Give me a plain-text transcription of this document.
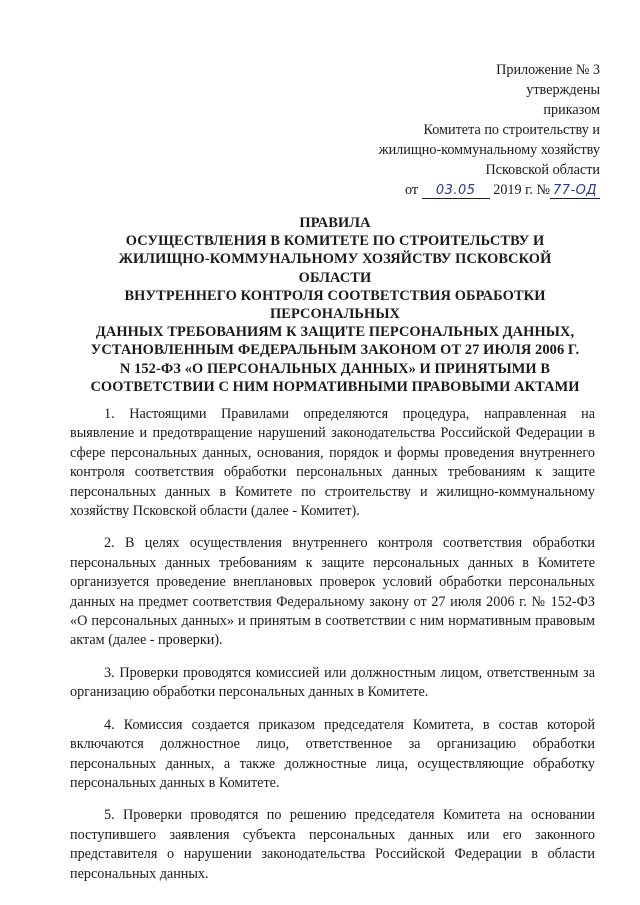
Приложение № 3
утверждены
приказом
Комитета по строительству и
жилищно-коммунальному хозяйству
Псковской области
от 03.05 2019 г. № 77-ОД
ПРАВИЛА
ОСУЩЕСТВЛЕНИЯ В КОМИТЕТЕ ПО СТРОИТЕЛЬСТВУ И
ЖИЛИЩНО-КОММУНАЛЬНОМУ ХОЗЯЙСТВУ ПСКОВСКОЙ
ОБЛАСТИ
ВНУТРЕННЕГО КОНТРОЛЯ СООТВЕТСТВИЯ ОБРАБОТКИ
ПЕРСОНАЛЬНЫХ
ДАННЫХ ТРЕБОВАНИЯМ К ЗАЩИТЕ ПЕРСОНАЛЬНЫХ ДАННЫХ,
УСТАНОВЛЕННЫМ ФЕДЕРАЛЬНЫМ ЗАКОНОМ ОТ 27 ИЮЛЯ 2006 Г.
N 152-ФЗ «О ПЕРСОНАЛЬНЫХ ДАННЫХ» И ПРИНЯТЫМИ В
СООТВЕТСТВИИ С НИМ НОРМАТИВНЫМИ ПРАВОВЫМИ АКТАМИ

1. Настоящими Правилами определяются процедура, направленная на выявление и предотвращение нарушений законодательства Российской Федерации в сфере персональных данных, основания, порядок и формы проведения внутреннего контроля соответствия обработки персональных данных требованиям к защите персональных данных в Комитете по строительству и жилищно-коммунальному хозяйству Псковской области (далее - Комитет).

2. В целях осуществления внутреннего контроля соответствия обработки персональных данных требованиям к защите персональных данных в Комитете организуется проведение внеплановых проверок условий обработки персональных данных на предмет соответствия Федеральному закону от 27 июля 2006 г. № 152-ФЗ «О персональных данных» и принятым в соответствии с ним нормативным правовым актам (далее - проверки).

3. Проверки проводятся комиссией или должностным лицом, ответственным за организацию обработки персональных данных в Комитете.

4. Комиссия создается приказом председателя Комитета, в состав которой включаются должностное лицо, ответственное за организацию обработки персональных данных, а также должностные лица, осуществляющие обработку персональных данных в Комитете.

5. Проверки проводятся по решению председателя Комитета на основании поступившего заявления субъекта персональных данных или его законного представителя о нарушении законодательства Российской Федерации в области персональных данных.
